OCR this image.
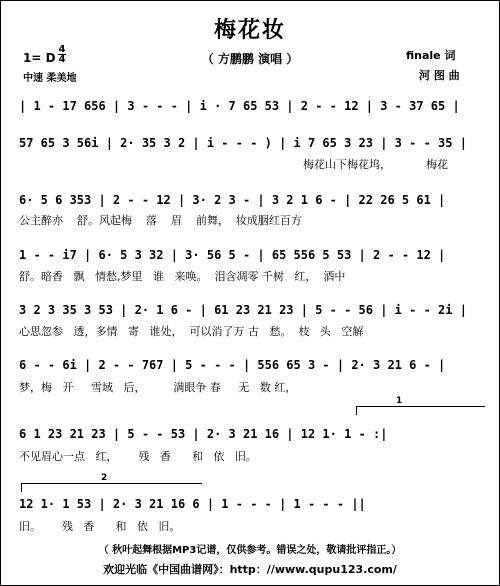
梅花妆
（ 方鹏鹏 演唱 ）
1= D
4
4
中速 柔美地
finale 词
河 图 曲
| 1 - 17 656 | 3 - - - | i · 7 65 53 | 2 - - 12 | 3 - 37 65 |
57 65 3 56i | 2· 35 3 2 | i - - - ) | i 7 65 3 23 | 3 - - 35 |
梅花山下梅花坞，          梅花
6· 5 6 353 | 2 - - 12 | 3· 2 3 - | 3 2 1 6 - | 22 26 5 61 |
公主醉亦    舒。风起梅    落    眉    前舞，  妆成胭红百方
1 - - i7 | 6· 5 3 32 | 3· 56 5 - | 65 556 5 53 | 2 - - 12 |
舒。暗香   飘   情愁,梦里   谁   来唤。  泪含凋零 千树   红，  酒中
3 2 3 35 3 53 | 2· 1 6 - | 61 23 21 23 | 5 - - 56 | i - - 2i |
心思忽参   透，多情   寄   谁处，  可以消了万 古   愁。  枝   头   空解
6 - - 6i | 2 - - 767 | 5 - - - | 556 65 3 - | 2· 3 21 6 - |
梦，梅   开     雪域   后，        满眼争 春     无   数 红，
1
6 1 23 21 23 | 5 - - 53 | 2· 3 21 16 | 12 1· 1 - :|
不见眉心一点   红，      残   香      和   依   旧。
2
12 1· 1 53 | 2· 3 21 16 6 | 1 - - - | 1 - - - ||
旧。      残   香      和   依   旧。
（ 秋叶起舞根据MP3记谱，仅供参考。错误之处，敬请批评指正。）
欢迎光临《中国曲谱网》：http：//www.qupu123.com/
